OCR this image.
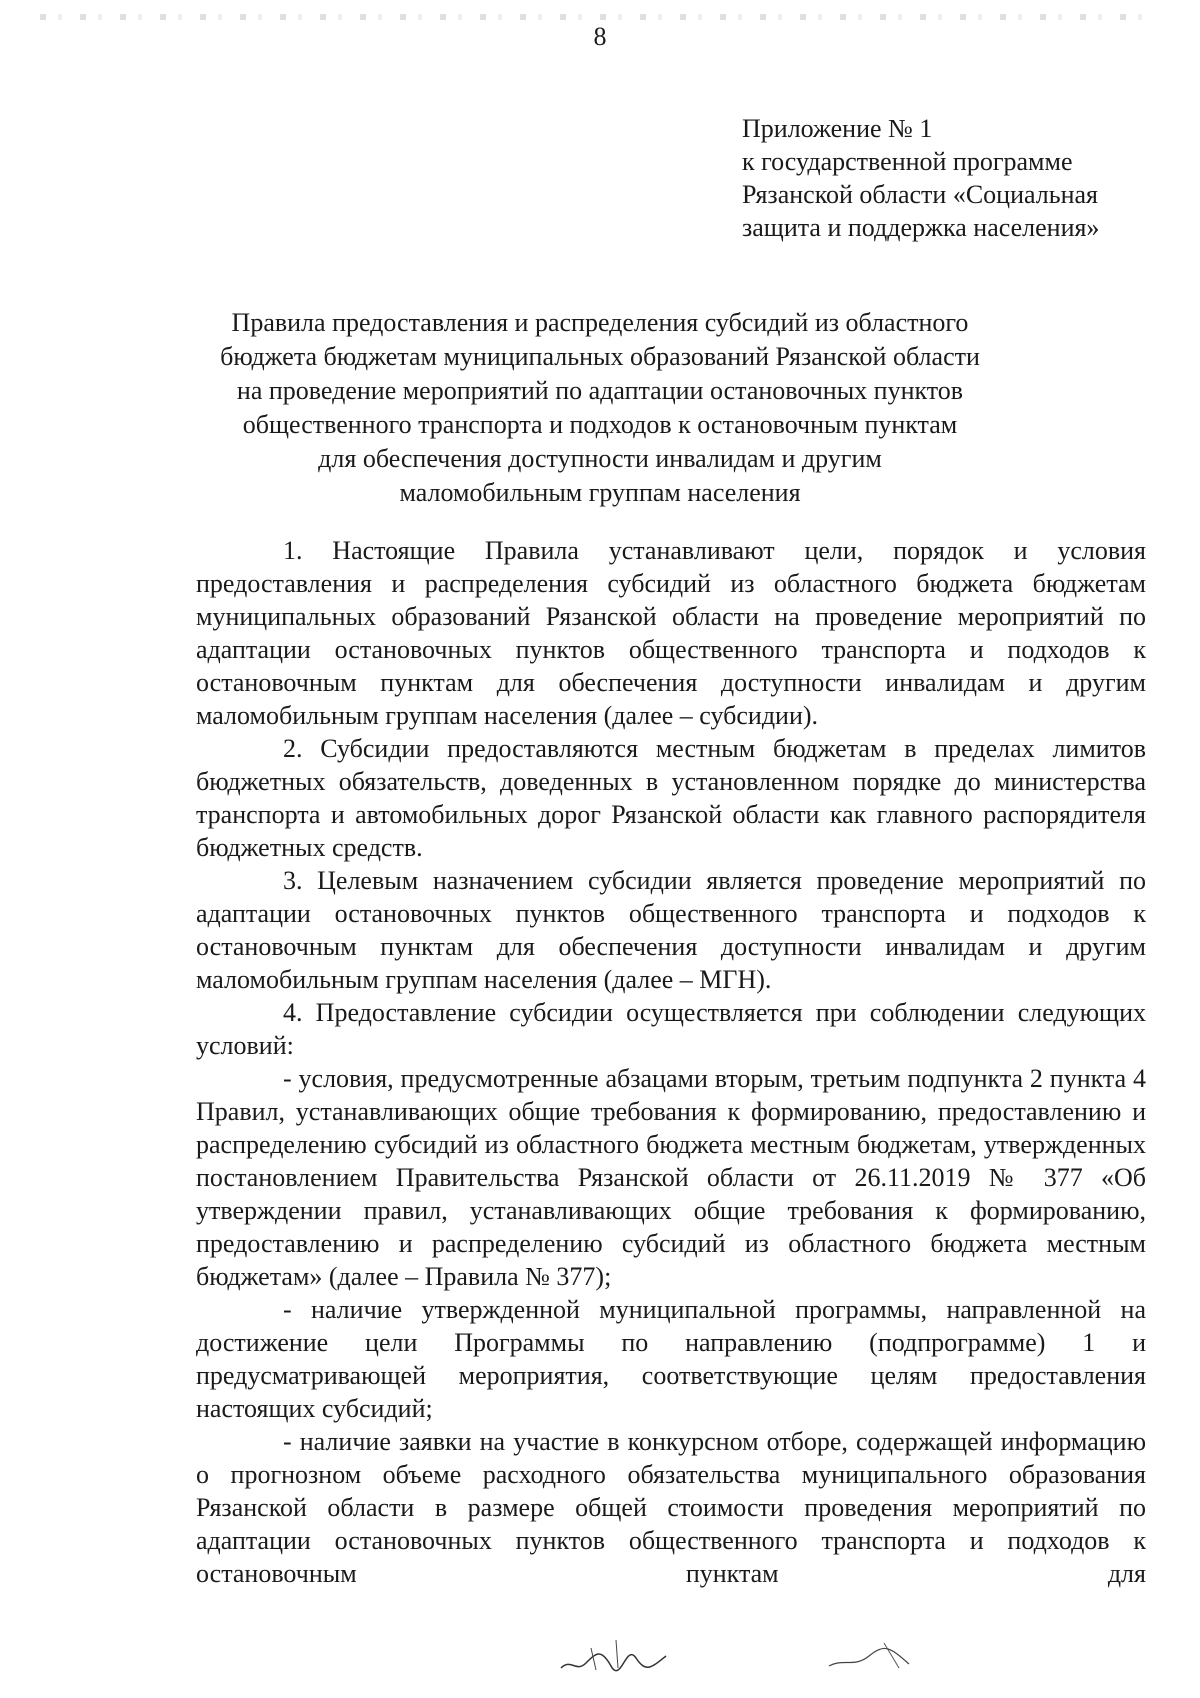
8
Приложение № 1
к государственной программе
Рязанской области «Социальная
защита и поддержка населения»
Правила предоставления и распределения субсидий из областного
бюджета бюджетам муниципальных образований Рязанской области
на проведение мероприятий по адаптации остановочных пунктов
общественного транспорта и подходов к остановочным пунктам
для обеспечения доступности инвалидам и другим
маломобильным группам населения

1. Настоящие Правила устанавливают цели, порядок и условия предоставления и распределения субсидий из областного бюджета бюджетам муниципальных образований Рязанской области на проведение мероприятий по адаптации остановочных пунктов общественного транспорта и подходов к остановочным пунктам для обеспечения доступности инвалидам и другим маломобильным группам населения (далее – субсидии).

2. Субсидии предоставляются местным бюджетам в пределах лимитов бюджетных обязательств, доведенных в установленном порядке до министерства транспорта и автомобильных дорог Рязанской области как главного распорядителя бюджетных средств.

3. Целевым назначением субсидии является проведение мероприятий по адаптации остановочных пунктов общественного транспорта и подходов к остановочным пунктам для обеспечения доступности инвалидам и другим маломобильным группам населения (далее – МГН).

4. Предоставление субсидии осуществляется при соблюдении следующих условий:

- условия, предусмотренные абзацами вторым, третьим подпункта 2 пункта 4 Правил, устанавливающих общие требования к формированию, предоставлению и распределению субсидий из областного бюджета местным бюджетам, утвержденных постановлением Правительства Рязанской области от 26.11.2019 № 377 «Об утверждении правил, устанавливающих общие требования к формированию, предоставлению и распределению субсидий из областного бюджета местным бюджетам» (далее – Правила № 377);

- наличие утвержденной муниципальной программы, направленной на достижение цели Программы по направлению (подпрограмме) 1 и предусматривающей мероприятия, соответствующие целям предоставления настоящих субсидий;

- наличие заявки на участие в конкурсном отборе, содержащей информацию о прогнозном объеме расходного обязательства муниципального образования Рязанской области в размере общей стоимости проведения мероприятий по адаптации остановочных пунктов общественного транспорта и подходов к остановочным пунктам для
